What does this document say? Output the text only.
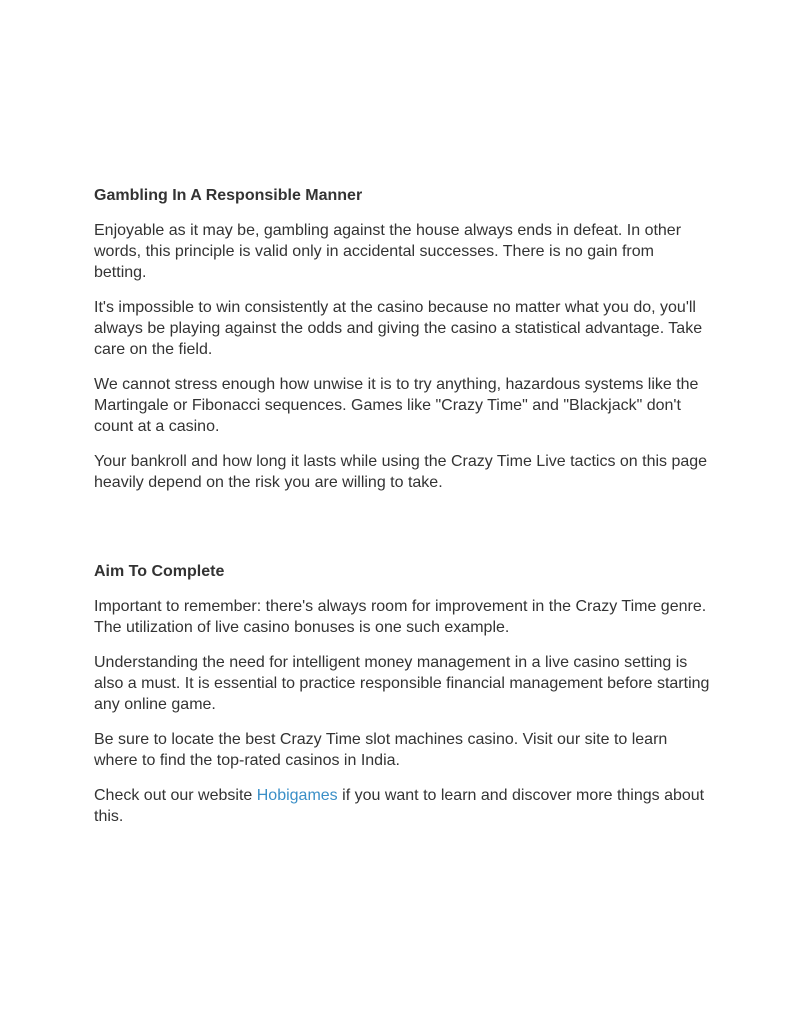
Gambling In A Responsible Manner

Enjoyable as it may be, gambling against the house always ends in defeat. In other words, this principle is valid only in accidental successes. There is no gain from betting.

It's impossible to win consistently at the casino because no matter what you do, you'll always be playing against the odds and giving the casino a statistical advantage. Take care on the field.

We cannot stress enough how unwise it is to try anything, hazardous systems like the Martingale or Fibonacci sequences. Games like "Crazy Time" and "Blackjack" don't count at a casino.

Your bankroll and how long it lasts while using the Crazy Time Live tactics on this page heavily depend on the risk you are willing to take.

Aim To Complete

Important to remember: there's always room for improvement in the Crazy Time genre. The utilization of live casino bonuses is one such example.

Understanding the need for intelligent money management in a live casino setting is also a must. It is essential to practice responsible financial management before starting any online game.

Be sure to locate the best Crazy Time slot machines casino. Visit our site to learn where to find the top-rated casinos in India.

Check out our website Hobigames if you want to learn and discover more things about this.
